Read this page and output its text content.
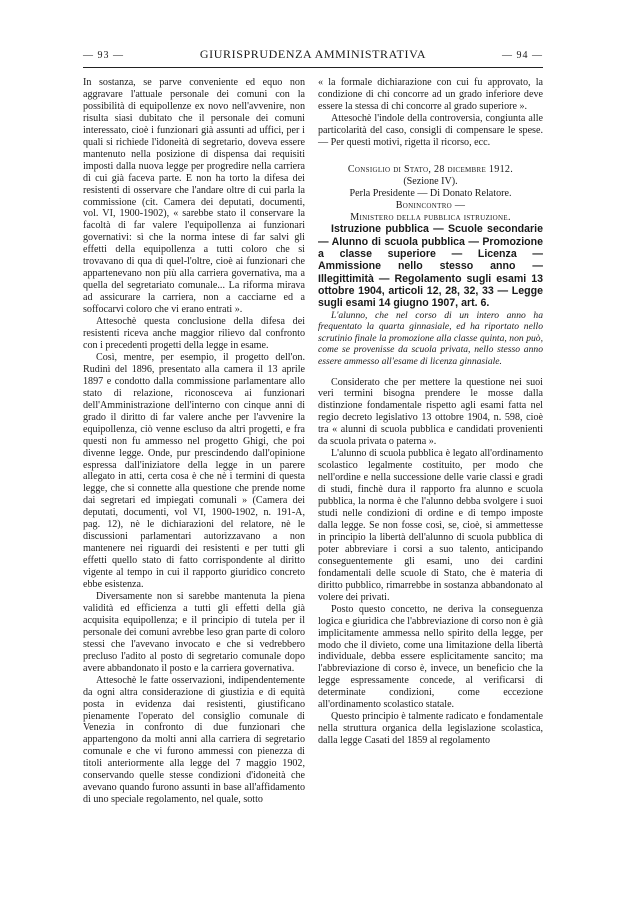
— 93 —	GIURISPRUDENZA AMMINISTRATIVA	— 94 —

In sostanza, se parve conveniente ed equo non aggravare l'attuale personale dei comuni con la possibilità di equipollenze ex novo nell'avvenire, non risulta siasi dubitato che il personale dei comuni interessato, cioè i funzionari già assunti ad uffici, per i quali si richiede l'idoneità di segretario, doveva essere mantenuto nella posizione di dispensa dai requisiti imposti dalla nuova legge per progredire nella carriera di cui già faceva parte. E non ha torto la difesa dei resistenti di osservare che l'andare oltre di cui parla la commissione (cit. Camera dei deputati, documenti, vol. VI, 1900-1902), « sarebbe stato il conservare la facoltà di far valere l'equipollenza ai funzionari governativi: sì che la norma intese di far salvi gli effetti della equipollenza a tutti coloro che si trovavano di qua di quel-l'oltre, cioè ai funzionari che appartenevano non più alla carriera governativa, ma a quella del segretariato comunale... La riforma mirava ad assicurare la carriera, non a cacciarne ed a soffocarvi coloro che vi erano entrati ».

Attesochè questa conclusione della difesa dei resistenti riceva anche maggior rilievo dal confronto con i precedenti progetti della legge in esame.

Così, mentre, per esempio, il progetto dell'on. Rudinì del 1896, presentato alla camera il 13 aprile 1897 e condotto dalla commissione parlamentare allo stato di relazione, riconosceva ai funzionari dell'Amministrazione dell'interno con cinque anni di grado il diritto di far valere anche per l'avvenire la equipollenza, ciò venne escluso da altri progetti, e fra questi non fu ammesso nel progetto Ghigi, che poi divenne legge. Onde, pur prescindendo dall'opinione espressa dall'iniziatore della legge in un parere allegato in atti, certa cosa è che nè i termini di questa legge, che si connette alla questione che prende nome dai segretari ed impiegati comunali » (Camera dei deputati, documenti, vol VI, 1900-1902, n. 191-A, pag. 12), nè le dichiarazioni del relatore, nè le discussioni parlamentari autorizzavano a non mantenere nei riguardi dei resistenti e per tutti gli effetti quello stato di fatto corrispondente al diritto vigente al tempo in cui il rapporto giuridico concreto ebbe esistenza.

Diversamente non si sarebbe mantenuta la piena validità ed efficienza a tutti gli effetti della già acquisita equipollenza; e il principio di tutela per il personale dei comuni avrebbe leso gran parte di coloro stessi che l'avevano invocato e che si vedrebbero precluso l'adito al posto di segretario comunale dopo avere abbandonato il posto e la carriera governativa.

Attesochè le fatte osservazioni, indipendentemente da ogni altra considerazione di giustizia e di equità posta in evidenza dai resistenti, giustificano pienamente l'operato del consiglio comunale di Venezia in confronto di due funzionari che appartengono da molti anni alla carriera di segretario comunale e che vi furono ammessi con pienezza di titoli anteriormente alla legge del 7 maggio 1902, conservando quelle stesse condizioni d'idoneità che avevano quando furono assunti in base all'affidamento di uno speciale regolamento, nel quale, sotto

« la formale dichiarazione con cui fu approvato, la condizione di chi concorre ad un grado inferiore deve essere la stessa di chi concorre al grado superiore ».

Attesochè l'indole della controversia, congiunta alle particolarità del caso, consigli di compensare le spese. — Per questi motivi, rigetta il ricorso, ecc.

Consiglio di Stato, 28 dicembre 1912.

(Sezione IV).

Perla Presidente — Di Donato Relatore.

Bonincontro —

Ministero della pubblica istruzione.

Istruzione pubblica — Scuole secondarie — Alunno di scuola pubblica — Promozione a classe superiore — Licenza — Ammissione nello stesso anno — Illegittimità — Regolamento sugli esami 13 ottobre 1904, articoli 12, 28, 32, 33 — Legge sugli esami 14 giugno 1907, art. 6.

L'alunno, che nel corso di un intero anno ha frequentato la quarta ginnasiale, ed ha riportato nello scrutinio finale la promozione alla classe quinta, non può, come se provenisse da scuola privata, nello stesso anno essere ammesso all'esame di licenza ginnasiale.

Considerato che per mettere la questione nei suoi veri termini bisogna prendere le mosse dalla distinzione fondamentale rispetto agli esami fatta nel regio decreto legislativo 13 ottobre 1904, n. 598, cioè tra « alunni di scuola pubblica e candidati provenienti da scuola privata o paterna ».

L'alunno di scuola pubblica è legato all'ordinamento scolastico legalmente costituito, per modo che nell'ordine e nella successione delle varie classi e gradi di studi, finchè dura il rapporto fra alunno e scuola pubblica, la norma è che l'alunno debba svolgere i suoi studi nelle condizioni di ordine e di tempo imposte dalla legge. Se non fosse così, se, cioè, si ammettesse in principio la libertà dell'alunno di scuola pubblica di poter abbreviare i corsi a suo talento, anticipando conseguentemente gli esami, uno dei cardini fondamentali delle scuole di Stato, che è materia di diritto pubblico, rimarrebbe in sostanza abbandonato al volere dei privati.

Posto questo concetto, ne deriva la conseguenza logica e giuridica che l'abbreviazione di corso non è già implicitamente ammessa nello spirito della legge, per modo che il divieto, come una limitazione della libertà individuale, debba essere esplicitamente sancito; ma l'abbreviazione di corso è, invece, un beneficio che la legge espressamente concede, al verificarsi di determinate condizioni, come eccezione all'ordinamento scolastico statale.

Questo principio è talmente radicato e fondamentale nella struttura organica della legislazione scolastica, dalla legge Casati del 1859 al regolamento
